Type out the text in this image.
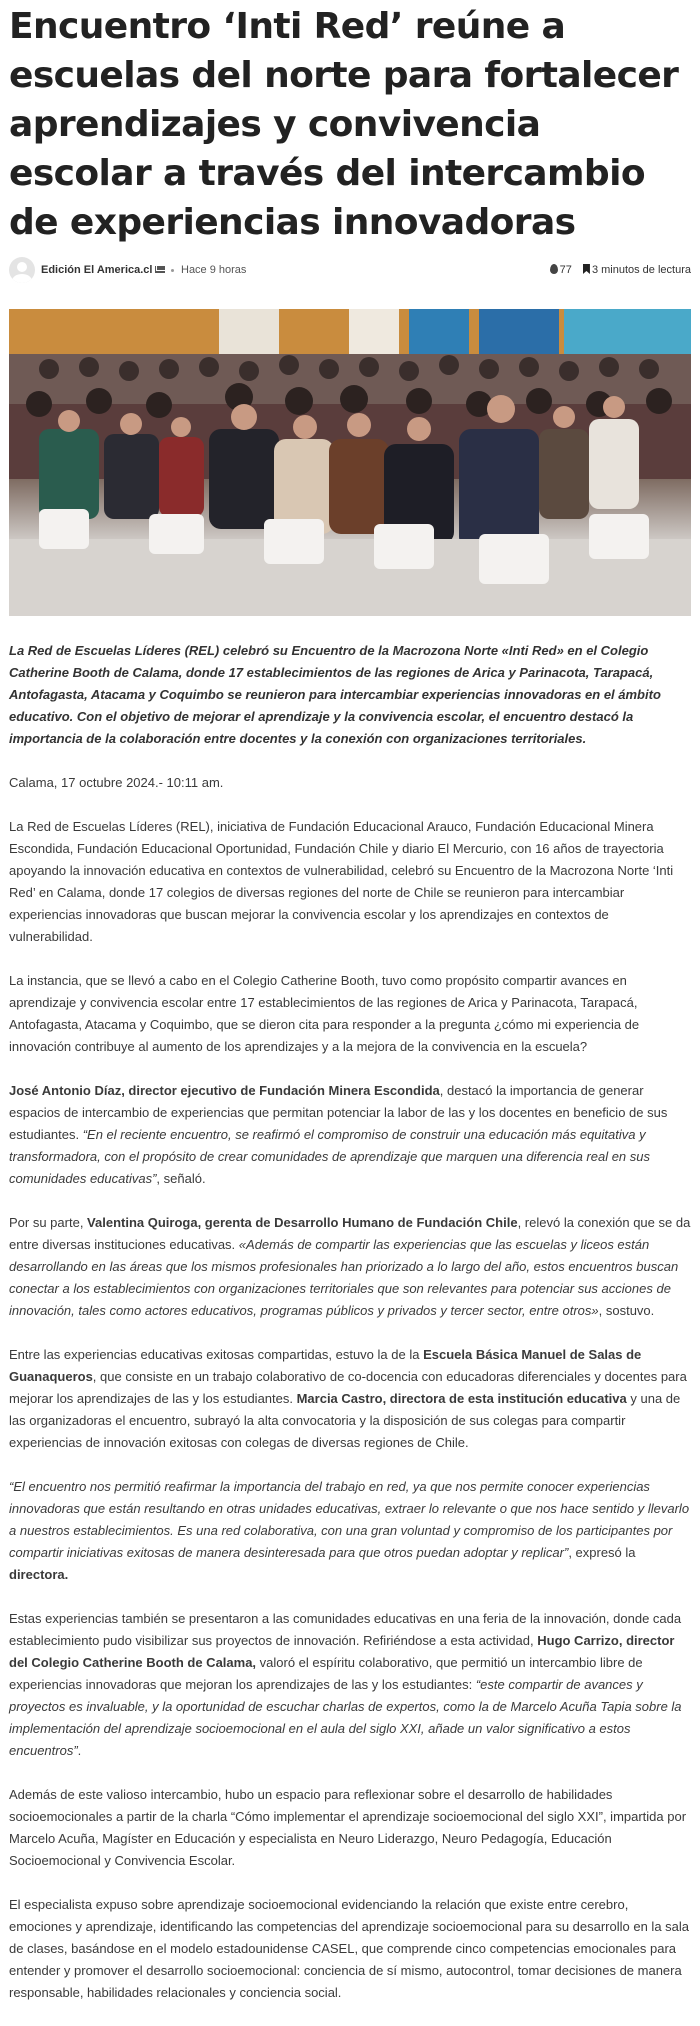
Encuentro ‘Inti Red’ reúne a escuelas del norte para fortalecer aprendizajes y convivencia escolar a través del intercambio de experiencias innovadoras
Edición El America.cl	Hace 9 horas	77 3 minutos de lectura

La Red de Escuelas Líderes (REL) celebró su Encuentro de la Macrozona Norte «Inti Red» en el Colegio Catherine Booth de Calama, donde 17 establecimientos de las regiones de Arica y Parinacota, Tarapacá, Antofagasta, Atacama y Coquimbo se reunieron para intercambiar experiencias innovadoras en el ámbito educativo. Con el objetivo de mejorar el aprendizaje y la convivencia escolar, el encuentro destacó la importancia de la colaboración entre docentes y la conexión con organizaciones territoriales.

Calama, 17 octubre 2024.- 10:11 am.

La Red de Escuelas Líderes (REL), iniciativa de Fundación Educacional Arauco, Fundación Educacional Minera Escondida, Fundación Educacional Oportunidad, Fundación Chile y diario El Mercurio, con 16 años de trayectoria apoyando la innovación educativa en contextos de vulnerabilidad, celebró su Encuentro de la Macrozona Norte ‘Inti Red’ en Calama, donde 17 colegios de diversas regiones del norte de Chile se reunieron para intercambiar experiencias innovadoras que buscan mejorar la convivencia escolar y los aprendizajes en contextos de vulnerabilidad.

La instancia, que se llevó a cabo en el Colegio Catherine Booth, tuvo como propósito compartir avances en aprendizaje y convivencia escolar entre 17 establecimientos de las regiones de Arica y Parinacota, Tarapacá, Antofagasta, Atacama y Coquimbo, que se dieron cita para responder a la pregunta ¿cómo mi experiencia de innovación contribuye al aumento de los aprendizajes y a la mejora de la convivencia en la escuela?

José Antonio Díaz, director ejecutivo de Fundación Minera Escondida, destacó la importancia de generar espacios de intercambio de experiencias que permitan potenciar la labor de las y los docentes en beneficio de sus estudiantes. “En el reciente encuentro, se reafirmó el compromiso de construir una educación más equitativa y transformadora, con el propósito de crear comunidades de aprendizaje que marquen una diferencia real en sus comunidades educativas”, señaló.

Por su parte, Valentina Quiroga, gerenta de Desarrollo Humano de Fundación Chile, relevó la conexión que se da entre diversas instituciones educativas. «Además de compartir las experiencias que las escuelas y liceos están desarrollando en las áreas que los mismos profesionales han priorizado a lo largo del año, estos encuentros buscan conectar a los establecimientos con organizaciones territoriales que son relevantes para potenciar sus acciones de innovación, tales como actores educativos, programas públicos y privados y tercer sector, entre otros», sostuvo.

Entre las experiencias educativas exitosas compartidas, estuvo la de la Escuela Básica Manuel de Salas de Guanaqueros, que consiste en un trabajo colaborativo de co-docencia con educadoras diferenciales y docentes para mejorar los aprendizajes de las y los estudiantes. Marcia Castro, directora de esta institución educativa y una de las organizadoras el encuentro, subrayó la alta convocatoria y la disposición de sus colegas para compartir experiencias de innovación exitosas con colegas de diversas regiones de Chile.

“El encuentro nos permitió reafirmar la importancia del trabajo en red, ya que nos permite conocer experiencias innovadoras que están resultando en otras unidades educativas, extraer lo relevante o que nos hace sentido y llevarlo a nuestros establecimientos. Es una red colaborativa, con una gran voluntad y compromiso de los participantes por compartir iniciativas exitosas de manera desinteresada para que otros puedan adoptar y replicar”, expresó la directora.

Estas experiencias también se presentaron a las comunidades educativas en una feria de la innovación, donde cada establecimiento pudo visibilizar sus proyectos de innovación. Refiriéndose a esta actividad, Hugo Carrizo, director del Colegio Catherine Booth de Calama, valoró el espíritu colaborativo, que permitió un intercambio libre de experiencias innovadoras que mejoran los aprendizajes de las y los estudiantes: “este compartir de avances y proyectos es invaluable, y la oportunidad de escuchar charlas de expertos, como la de Marcelo Acuña Tapia sobre la implementación del aprendizaje socioemocional en el aula del siglo XXI, añade un valor significativo a estos encuentros”.

Además de este valioso intercambio, hubo un espacio para reflexionar sobre el desarrollo de habilidades socioemocionales a partir de la charla “Cómo implementar el aprendizaje socioemocional del siglo XXI”, impartida por Marcelo Acuña, Magíster en Educación y especialista en Neuro Liderazgo, Neuro Pedagogía, Educación Socioemocional y Convivencia Escolar.

El especialista expuso sobre aprendizaje socioemocional evidenciando la relación que existe entre cerebro, emociones y aprendizaje, identificando las competencias del aprendizaje socioemocional para su desarrollo en la sala de clases, basándose en el modelo estadounidense CASEL, que comprende cinco competencias emocionales para entender y promover el desarrollo socioemocional: conciencia de sí mismo, autocontrol, tomar decisiones de manera responsable, habilidades relacionales y conciencia social.
